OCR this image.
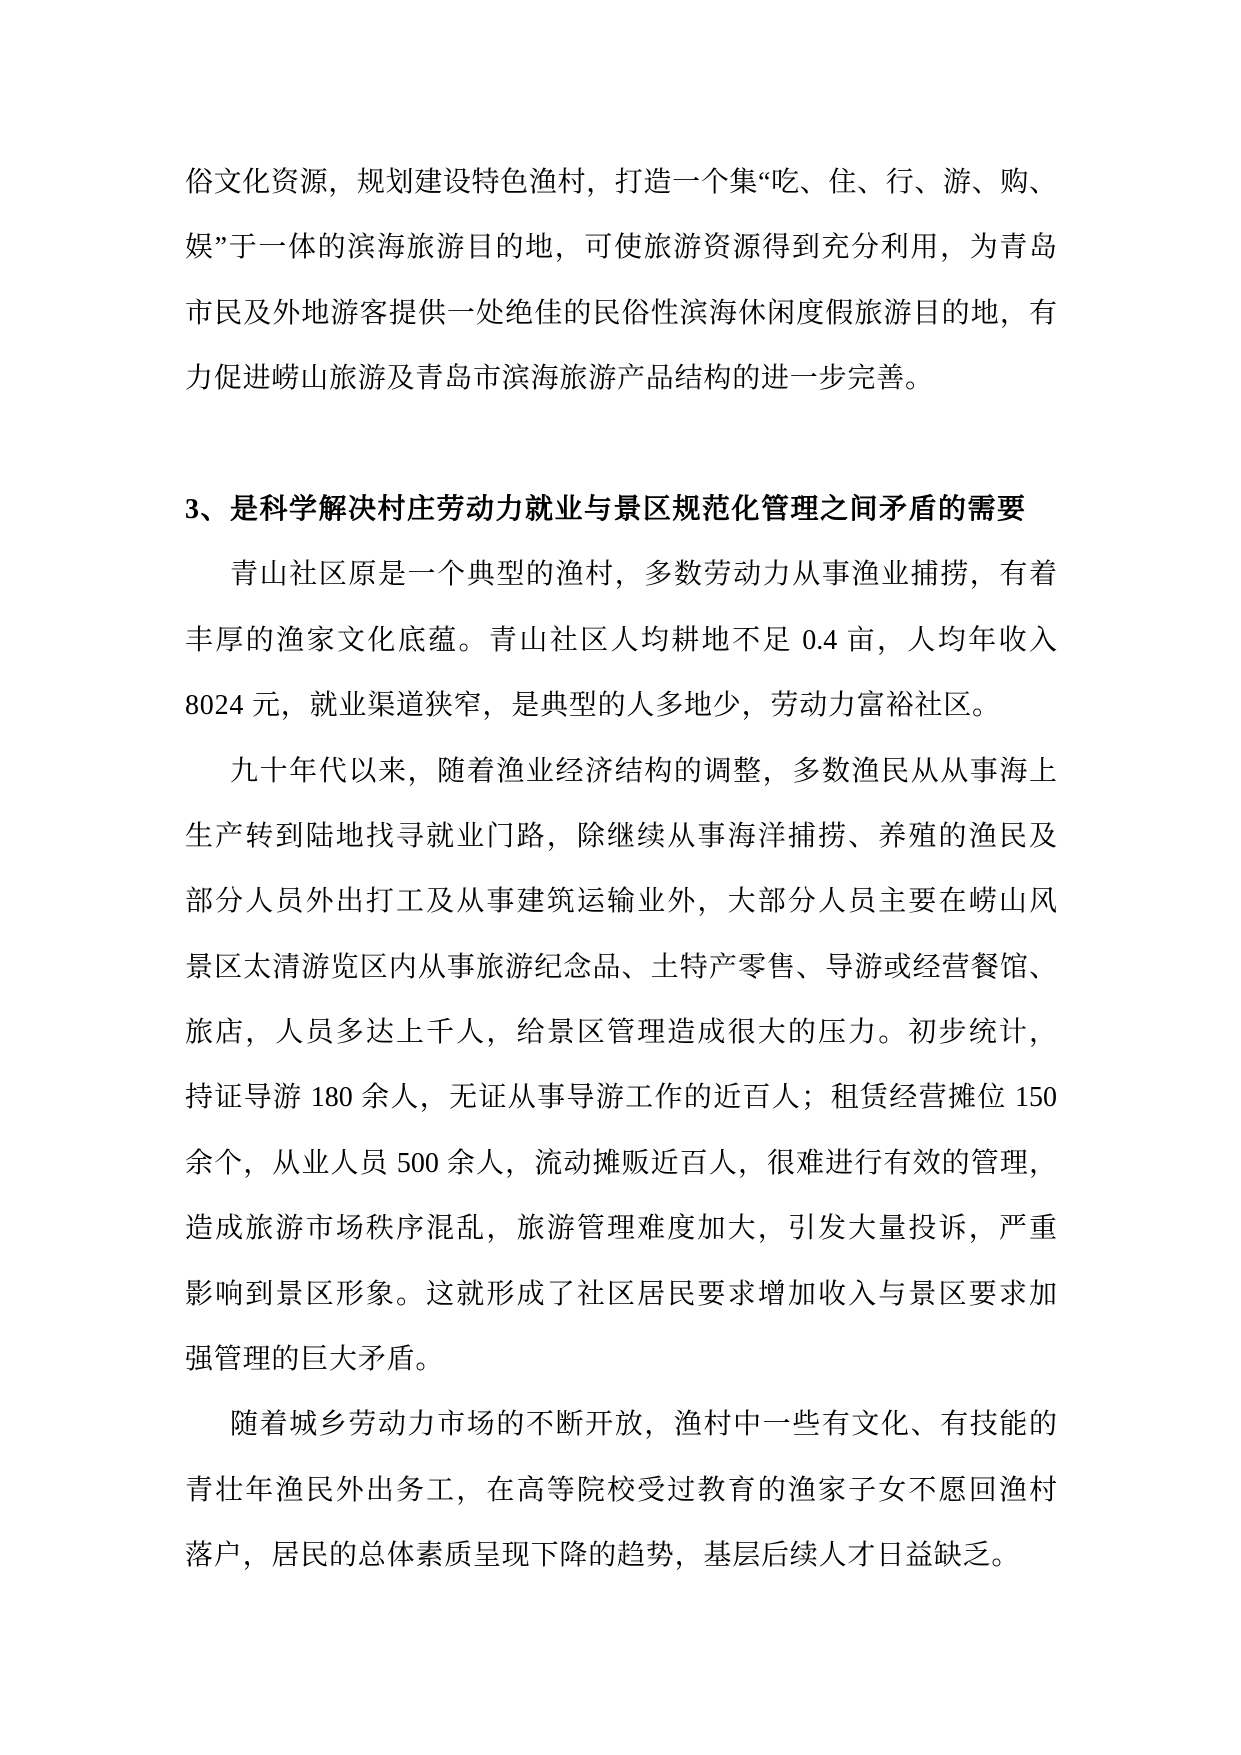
俗文化资源，规划建设特色渔村，打造一个集“吃、住、行、游、购、
娱”于一体的滨海旅游目的地，可使旅游资源得到充分利用，为青岛
市民及外地游客提供一处绝佳的民俗性滨海休闲度假旅游目的地，有
力促进崂山旅游及青岛市滨海旅游产品结构的进一步完善。
3、是科学解决村庄劳动力就业与景区规范化管理之间矛盾的需要
青山社区原是一个典型的渔村，多数劳动力从事渔业捕捞，有着
丰厚的渔家文化底蕴。青山社区人均耕地不足 0.4 亩，人均年收入
8024 元，就业渠道狭窄，是典型的人多地少，劳动力富裕社区。
九十年代以来，随着渔业经济结构的调整，多数渔民从从事海上
生产转到陆地找寻就业门路，除继续从事海洋捕捞、养殖的渔民及
部分人员外出打工及从事建筑运输业外，大部分人员主要在崂山风
景区太清游览区内从事旅游纪念品、土特产零售、导游或经营餐馆、
旅店，人员多达上千人，给景区管理造成很大的压力。初步统计，
持证导游 180 余人，无证从事导游工作的近百人；租赁经营摊位 150
余个，从业人员 500 余人，流动摊贩近百人，很难进行有效的管理，
造成旅游市场秩序混乱，旅游管理难度加大，引发大量投诉，严重
影响到景区形象。这就形成了社区居民要求增加收入与景区要求加
强管理的巨大矛盾。
随着城乡劳动力市场的不断开放，渔村中一些有文化、有技能的
青壮年渔民外出务工，在高等院校受过教育的渔家子女不愿回渔村
落户，居民的总体素质呈现下降的趋势，基层后续人才日益缺乏。
